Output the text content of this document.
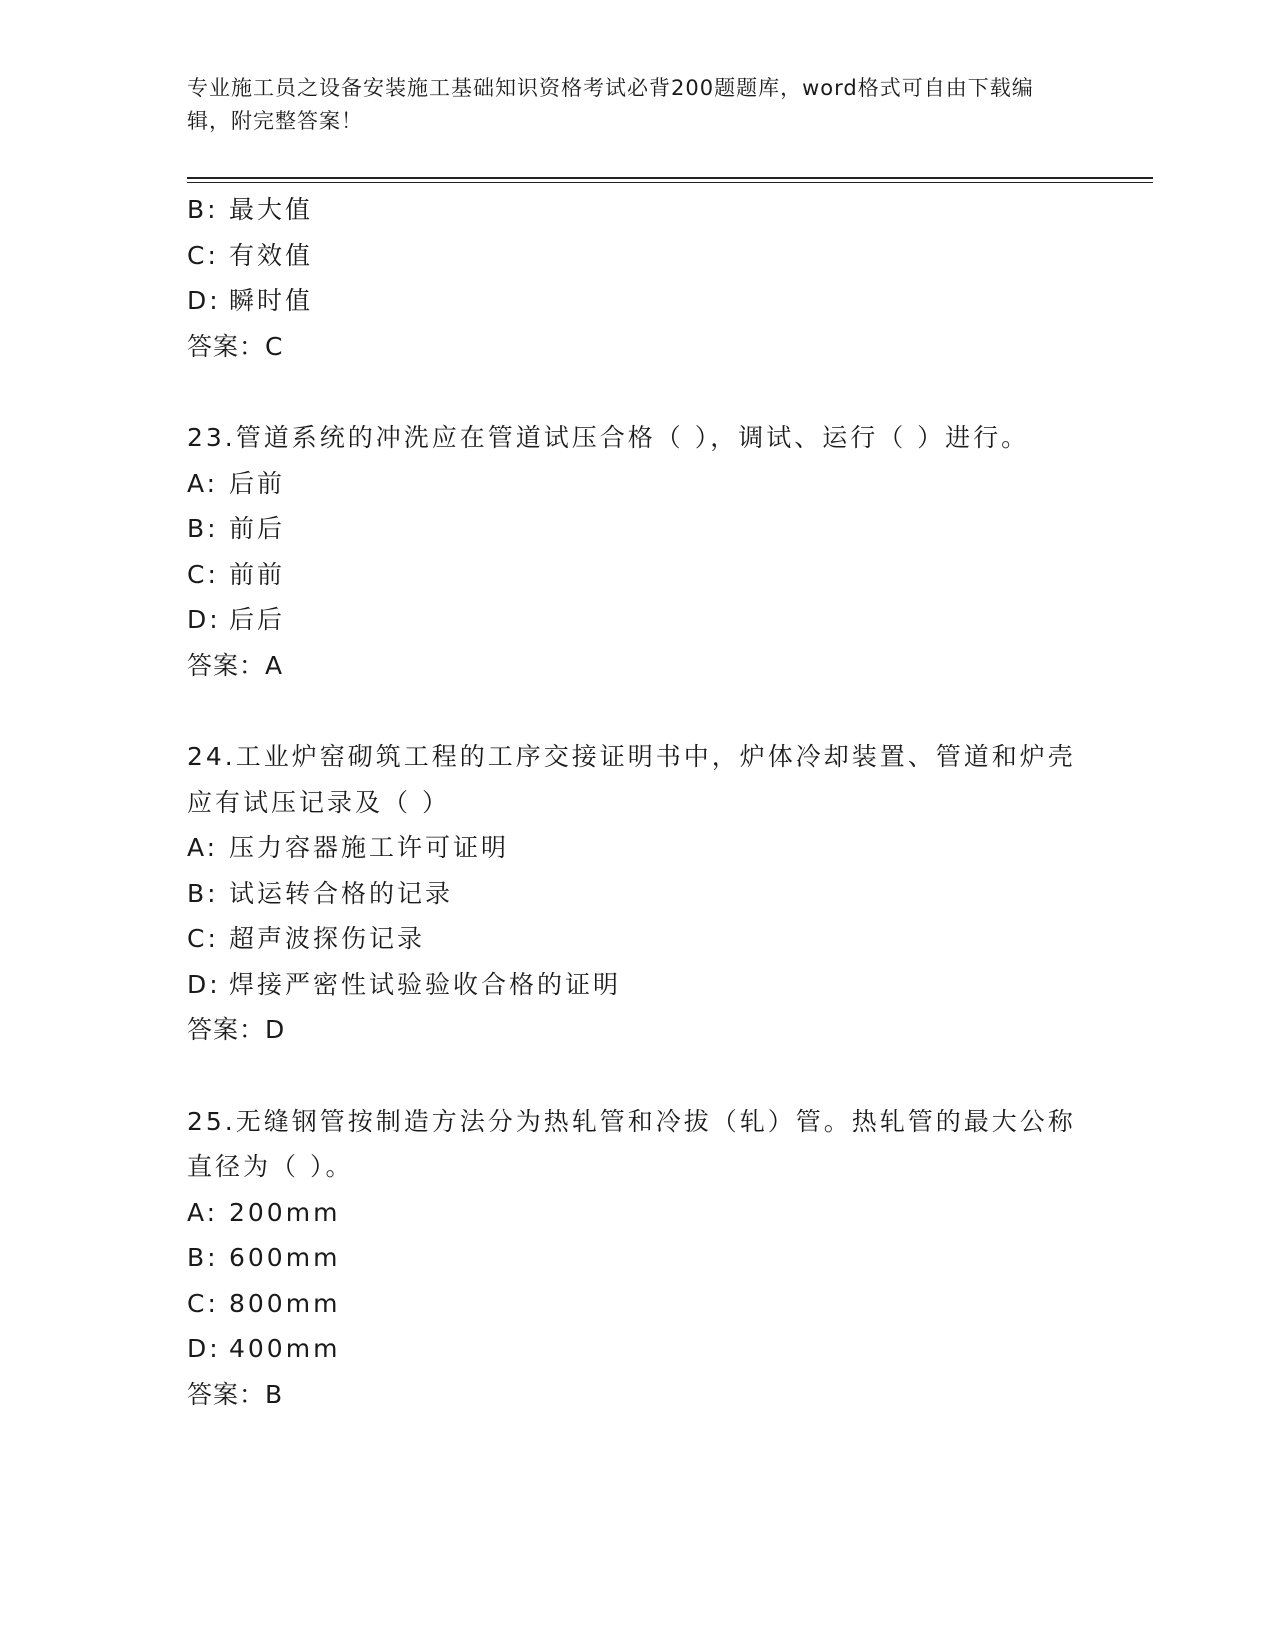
专业施工员之设备安装施工基础知识资格考试必背200题题库，word格式可自由下载编辑，附完整答案！
B: 最大值
C: 有效值
D: 瞬时值
答案：C
23.管道系统的冲洗应在管道试压合格（ ），调试、运行（ ）进行。
A: 后前
B: 前后
C: 前前
D: 后后
答案：A
24.工业炉窑砌筑工程的工序交接证明书中，炉体冷却装置、管道和炉壳应有试压记录及（ ）
A: 压力容器施工许可证明
B: 试运转合格的记录
C: 超声波探伤记录
D: 焊接严密性试验验收合格的证明
答案：D
25.无缝钢管按制造方法分为热轧管和冷拔（轧）管。热轧管的最大公称直径为（ ）。
A: 200mm
B: 600mm
C: 800mm
D: 400mm
答案：B
